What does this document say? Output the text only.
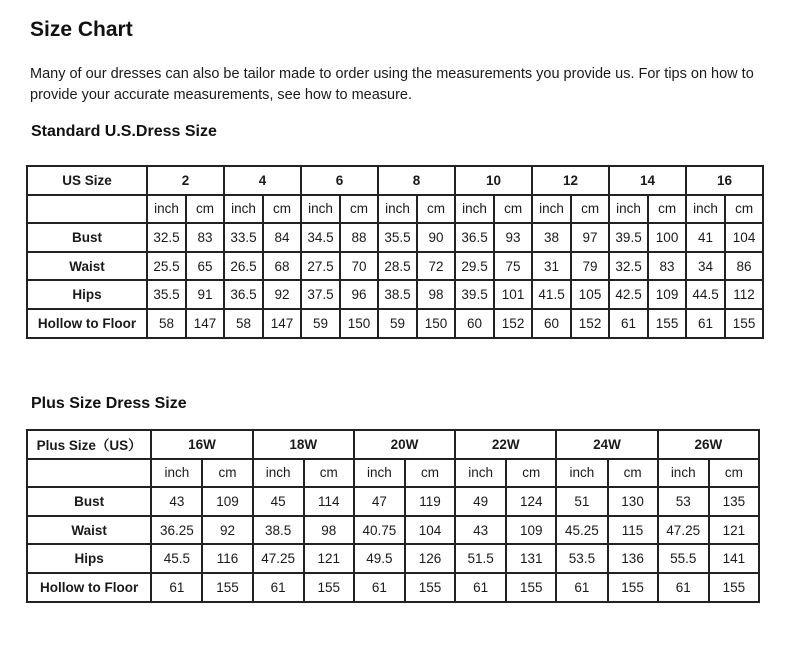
Size Chart

Many of our dresses can also be tailor made to order using the measurements you provide us. For tips on how to provide your accurate measurements, see how to measure.

Standard U.S.Dress Size
US Size	2		4		6		8		10		12		14		16	
	inch	cm	inch	cm	inch	cm	inch	cm	inch	cm	inch	cm	inch	cm	inch	cm
Bust	32.5	83	33.5	84	34.5	88	35.5	90	36.5	93	38	97	39.5	100	41	104
Waist	25.5	65	26.5	68	27.5	70	28.5	72	29.5	75	31	79	32.5	83	34	86
Hips	35.5	91	36.5	92	37.5	96	38.5	98	39.5	101	41.5	105	42.5	109	44.5	112
Hollow to Floor	58	147	58	147	59	150	59	150	60	152	60	152	61	155	61	155
Plus Size Dress Size
Plus Size（US）	16W		18W		20W		22W		24W		26W	
	inch	cm	inch	cm	inch	cm	inch	cm	inch	cm	inch	cm
Bust	43	109	45	114	47	119	49	124	51	130	53	135
Waist	36.25	92	38.5	98	40.75	104	43	109	45.25	115	47.25	121
Hips	45.5	116	47.25	121	49.5	126	51.5	131	53.5	136	55.5	141
Hollow to Floor	61	155	61	155	61	155	61	155	61	155	61	155
